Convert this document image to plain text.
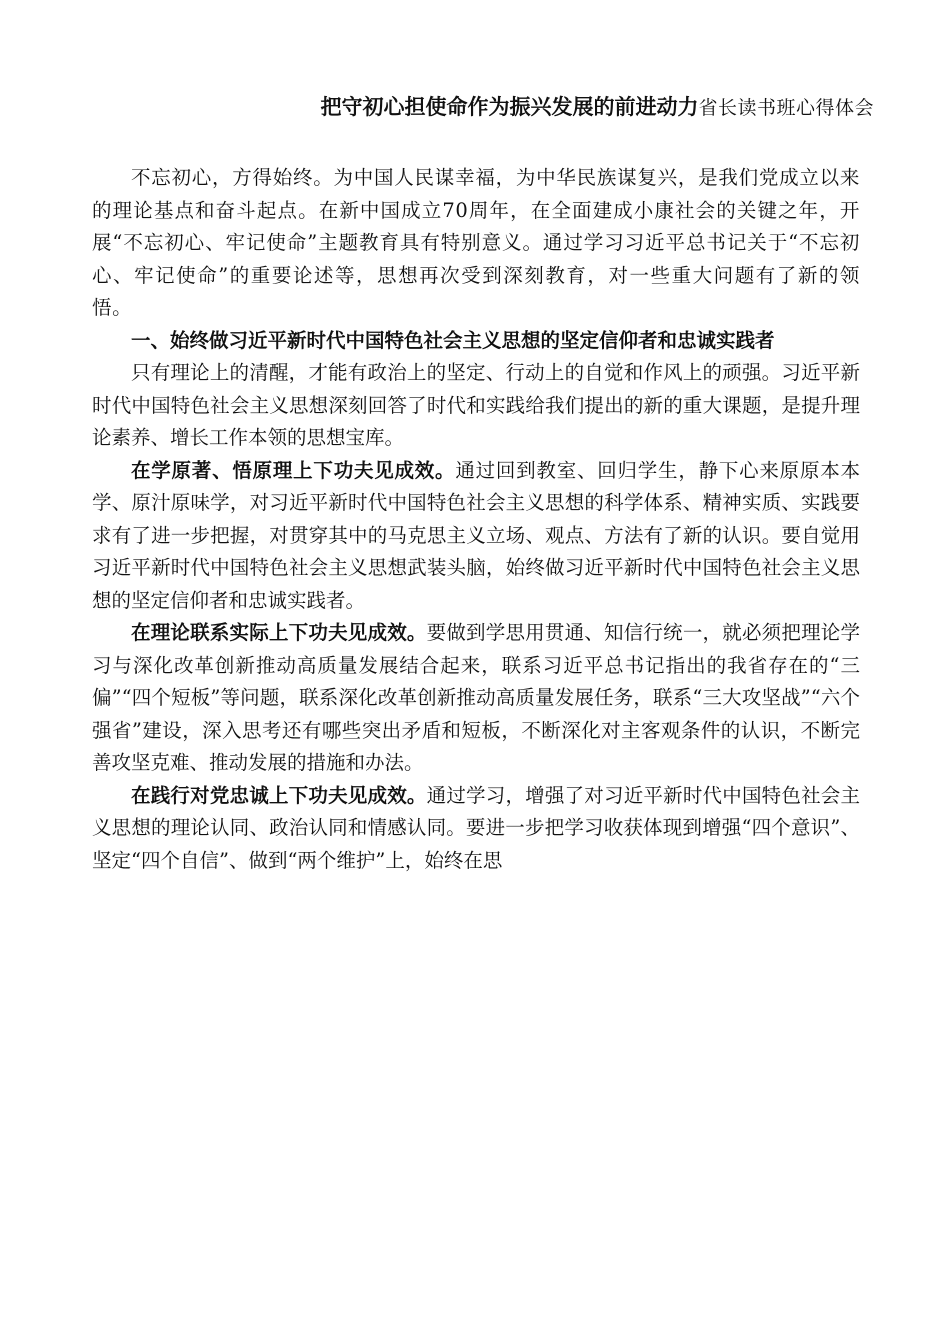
把守初心担使命作为振兴发展的前进动力省长读书班心得体会

不忘初心，方得始终。为中国人民谋幸福，为中华民族谋复兴，是我们党成立以来的理论基点和奋斗起点。在新中国成立70周年，在全面建成小康社会的关键之年，开展“不忘初心、牢记使命”主题教育具有特别意义。通过学习习近平总书记关于“不忘初心、牢记使命”的重要论述等，思想再次受到深刻教育，对一些重大问题有了新的领悟。

一、始终做习近平新时代中国特色社会主义思想的坚定信仰者和忠诚实践者

只有理论上的清醒，才能有政治上的坚定、行动上的自觉和作风上的顽强。习近平新时代中国特色社会主义思想深刻回答了时代和实践给我们提出的新的重大课题，是提升理论素养、增长工作本领的思想宝库。

在学原著、悟原理上下功夫见成效。通过回到教室、回归学生，静下心来原原本本学、原汁原味学，对习近平新时代中国特色社会主义思想的科学体系、精神实质、实践要求有了进一步把握，对贯穿其中的马克思主义立场、观点、方法有了新的认识。要自觉用习近平新时代中国特色社会主义思想武装头脑，始终做习近平新时代中国特色社会主义思想的坚定信仰者和忠诚实践者。

在理论联系实际上下功夫见成效。要做到学思用贯通、知信行统一，就必须把理论学习与深化改革创新推动高质量发展结合起来，联系习近平总书记指出的我省存在的“三偏”“四个短板”等问题，联系深化改革创新推动高质量发展任务，联系“三大攻坚战”“六个强省”建设，深入思考还有哪些突出矛盾和短板，不断深化对主客观条件的认识，不断完善攻坚克难、推动发展的措施和办法。

在践行对党忠诚上下功夫见成效。通过学习，增强了对习近平新时代中国特色社会主义思想的理论认同、政治认同和情感认同。要进一步把学习收获体现到增强“四个意识”、坚定“四个自信”、做到“两个维护”上，始终在思
